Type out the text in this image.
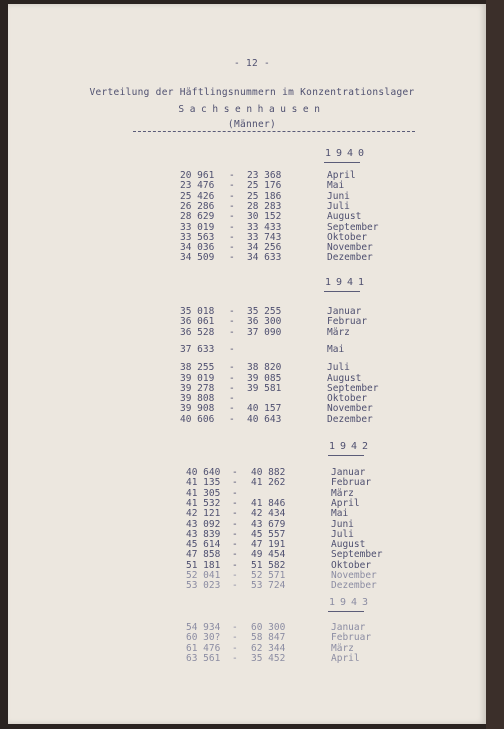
- 12 -
Verteilung der Häftlingsnummern im Konzentrationslager
Sachsenhausen
(Männer)
1940
20 961 - 23 368	April
23 476 - 25 176	Mai
25 426 - 25 186	Juni
26 286 - 28 283	Juli
28 629 - 30 152	August
33 019 - 33 433	September
33 563 - 33 743	Oktober
34 036 - 34 256	November
34 509 - 34 633	Dezember
1941
35 018 - 35 255	Januar
36 061 - 36 300	Februar
36 528 - 37 090	März
37 633 -	Mai
38 255 - 38 820	Juli
39 019 - 39 085	August
39 278 - 39 581	September
39 808 -	Oktober
39 908 - 40 157	November
40 606 - 40 643	Dezember
1942
40 640 - 40 882	Januar
41 135 - 41 262	Februar
41 305 -	März
41 532 - 41 846	April
42 121 - 42 434	Mai
43 092 - 43 679	Juni
43 839 - 45 557	Juli
45 614 - 47 191	August
47 858 - 49 454	September
51 181 - 51 582	Oktober
52 041 - 52 571	November
53 023 - 53 724	Dezember
1943
54 934 - 60 300	Januar
60 30? - 58 847	Februar
61 476 - 62 344	März
63 561 - 35 452	April
